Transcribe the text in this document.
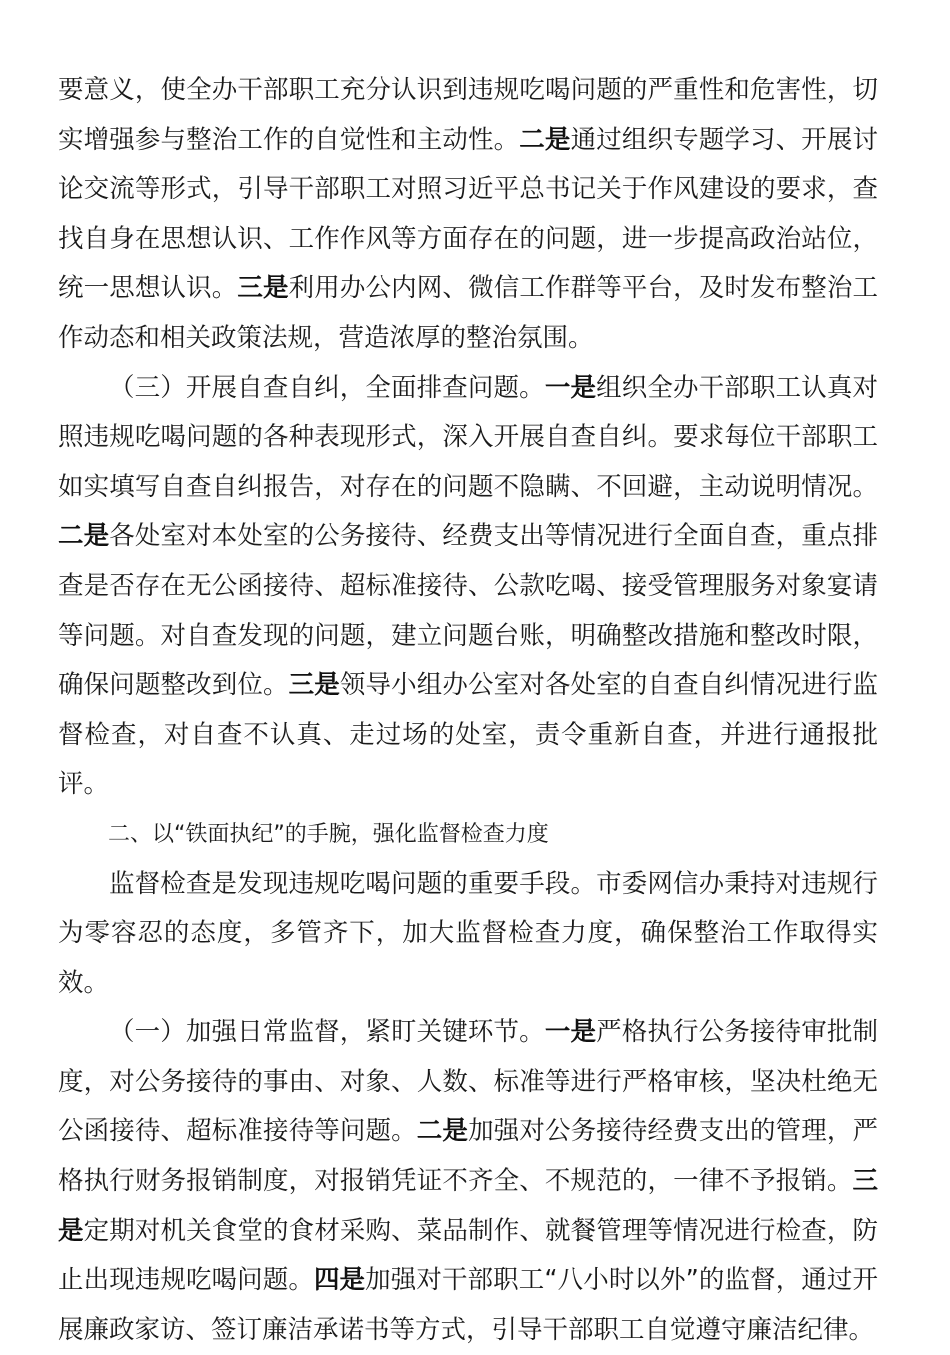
要意义，使全办干部职工充分认识到违规吃喝问题的严重性和危害性，切实增强参与整治工作的自觉性和主动性。二是通过组织专题学习、开展讨论交流等形式，引导干部职工对照习近平总书记关于作风建设的要求，查找自身在思想认识、工作作风等方面存在的问题，进一步提高政治站位，统一思想认识。三是利用办公内网、微信工作群等平台，及时发布整治工作动态和相关政策法规，营造浓厚的整治氛围。

（三）开展自查自纠，全面排查问题。一是组织全办干部职工认真对照违规吃喝问题的各种表现形式，深入开展自查自纠。要求每位干部职工如实填写自查自纠报告，对存在的问题不隐瞒、不回避，主动说明情况。二是各处室对本处室的公务接待、经费支出等情况进行全面自查，重点排查是否存在无公函接待、超标准接待、公款吃喝、接受管理服务对象宴请等问题。对自查发现的问题，建立问题台账，明确整改措施和整改时限，确保问题整改到位。三是领导小组办公室对各处室的自查自纠情况进行监督检查，对自查不认真、走过场的处室，责令重新自查，并进行通报批评。

二、以“铁面执纪”的手腕，强化监督检查力度

监督检查是发现违规吃喝问题的重要手段。市委网信办秉持对违规行为零容忍的态度，多管齐下，加大监督检查力度，确保整治工作取得实效。

（一）加强日常监督，紧盯关键环节。一是严格执行公务接待审批制度，对公务接待的事由、对象、人数、标准等进行严格审核，坚决杜绝无公函接待、超标准接待等问题。二是加强对公务接待经费支出的管理，严格执行财务报销制度，对报销凭证不齐全、不规范的，一律不予报销。三是定期对机关食堂的食材采购、菜品制作、就餐管理等情况进行检查，防止出现违规吃喝问题。四是加强对干部职工“八小时以外”的监督，通过开展廉政家访、签订廉洁承诺书等方式，引导干部职工自觉遵守廉洁纪律。
